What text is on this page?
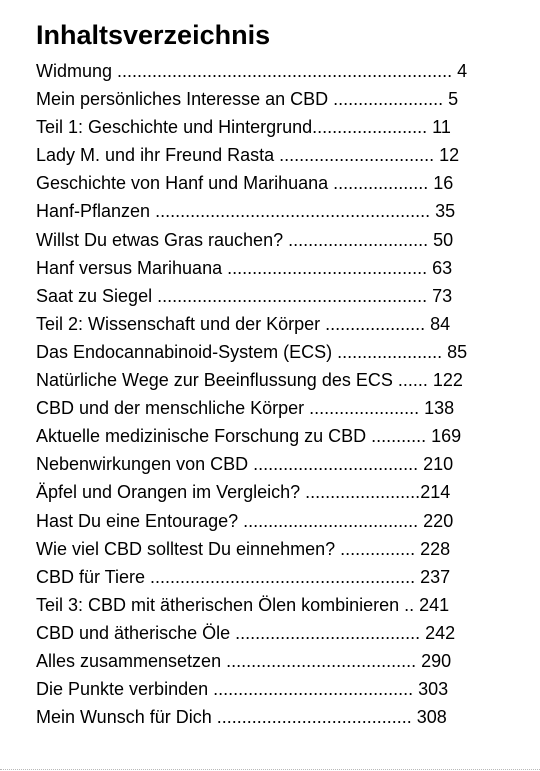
Inhaltsverzeichnis
Widmung ................................................................... 4
Mein persönliches Interesse an CBD ...................... 5
Teil 1: Geschichte und Hintergrund....................... 11
Lady M. und ihr Freund Rasta ............................... 12
Geschichte von Hanf und Marihuana ................... 16
Hanf-Pflanzen ....................................................... 35
Willst Du etwas Gras rauchen? ............................ 50
Hanf versus Marihuana ........................................ 63
Saat zu Siegel ...................................................... 73
Teil 2: Wissenschaft und der Körper .................... 84
Das Endocannabinoid-System (ECS) ..................... 85
Natürliche Wege zur Beeinflussung des ECS ...... 122
CBD und der menschliche Körper ...................... 138
Aktuelle medizinische Forschung zu CBD ........... 169
Nebenwirkungen von CBD ................................. 210
Äpfel und Orangen im Vergleich? .......................214
Hast Du eine Entourage? ................................... 220
Wie viel CBD solltest Du einnehmen? ............... 228
CBD für Tiere ..................................................... 237
Teil 3: CBD mit ätherischen Ölen kombinieren .. 241
CBD und ätherische Öle ..................................... 242
Alles zusammensetzen ...................................... 290
Die Punkte verbinden ........................................ 303
Mein Wunsch für Dich ....................................... 308
